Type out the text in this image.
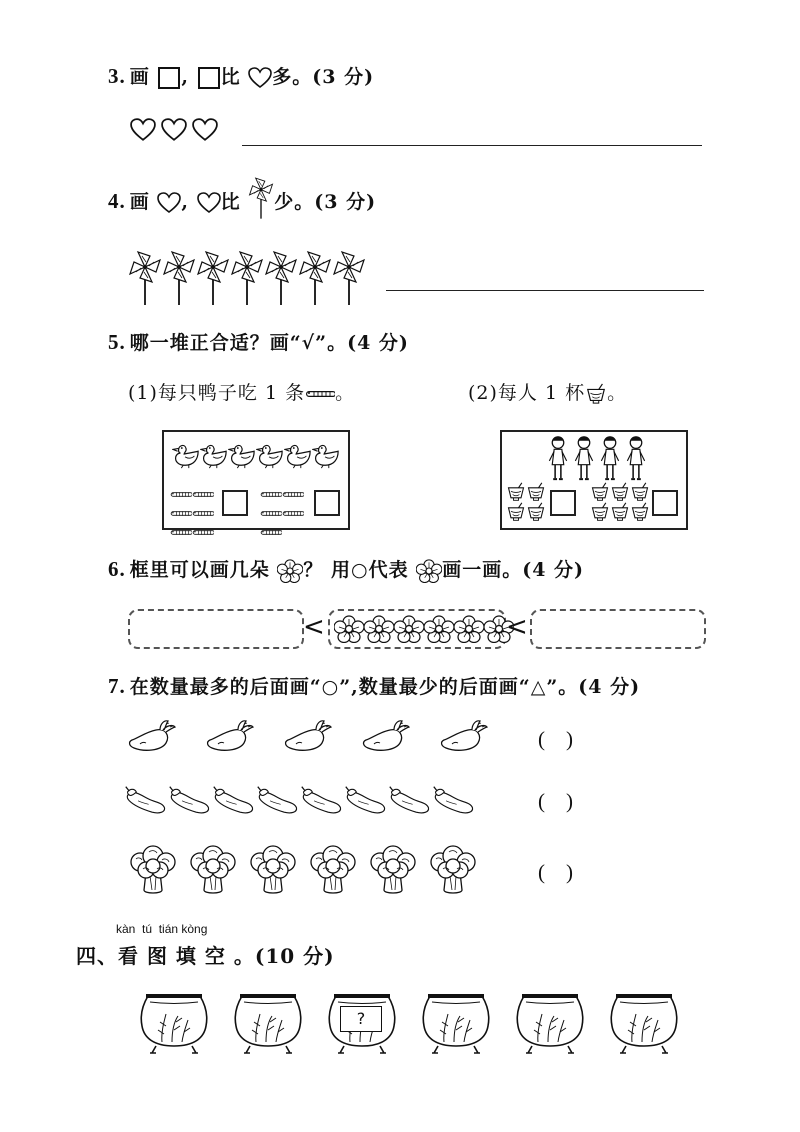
3. 画 , 比 多。(3 分)

4. 画 , 比 少。(3 分)
5. 哪一堆正合适？画“√”。(4 分)
(1)每只鸭子吃 1 条 。	(2)每人 1 杯 。

6. 框里可以画几朵 ？ 用○代表 画一画。(4 分)
<	<
7. 在数量最多的后面画“○”,数量最少的后面画“△”。(4 分)
(    )
(    )
(    )
kàn  tú  tián kòng
四、看 图 填 空 。(10 分)
?
